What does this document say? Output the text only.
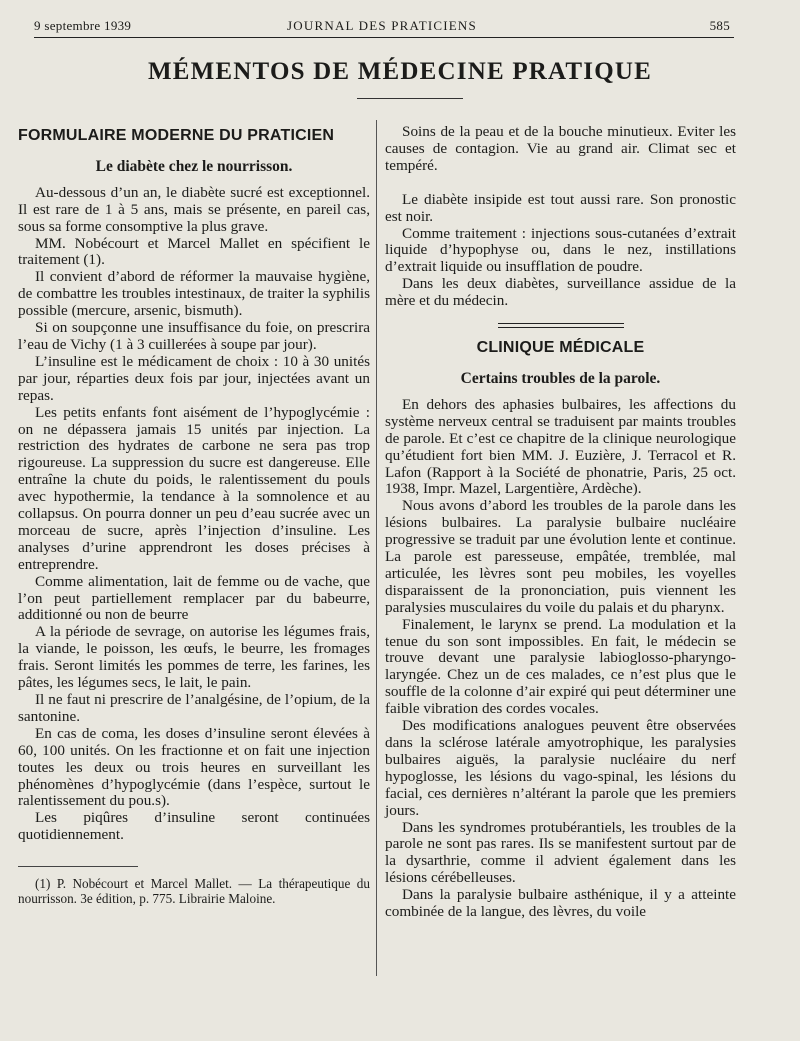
9 septembre 1939	JOURNAL DES PRATICIENS	585
MÉMENTOS DE MÉDECINE PRATIQUE
FORMULAIRE MODERNE DU PRATICIEN
Le diabète chez le nourrisson.

Au-dessous d’un an, le diabète sucré est exceptionnel. Il est rare de 1 à 5 ans, mais se présente, en pareil cas, sous sa forme consomptive la plus grave.

MM. Nobécourt et Marcel Mallet en spécifient le traitement (1).

Il convient d’abord de réformer la mauvaise hygiène, de combattre les troubles intestinaux, de traiter la syphilis possible (mercure, arsenic, bismuth).

Si on soupçonne une insuffisance du foie, on prescrira l’eau de Vichy (1 à 3 cuillerées à soupe par jour).

L’insuline est le médicament de choix : 10 à 30 unités par jour, réparties deux fois par jour, injectées avant un repas.

Les petits enfants font aisément de l’hypoglycémie : on ne dépassera jamais 15 unités par injection. La restriction des hydrates de carbone ne sera pas trop rigoureuse. La suppression du sucre est dangereuse. Elle entraîne la chute du poids, le ralentissement du pouls avec hypothermie, la tendance à la somnolence et au collapsus. On pourra donner un peu d’eau sucrée avec un morceau de sucre, après l’injection d’insuline. Les analyses d’urine apprendront les doses précises à entreprendre.

Comme alimentation, lait de femme ou de vache, que l’on peut partiellement remplacer par du babeurre, additionné ou non de beurre

A la période de sevrage, on autorise les légumes frais, la viande, le poisson, les œufs, le beurre, les fromages frais. Seront limités les pommes de terre, les farines, les pâtes, les légumes secs, le lait, le pain.

Il ne faut ni prescrire de l’analgésine, de l’opium, de la santonine.

En cas de coma, les doses d’insuline seront élevées à 60, 100 unités. On les fractionne et on fait une injection toutes les deux ou trois heures en surveillant les phénomènes d’hypoglycémie (dans l’espèce, surtout le ralentissement du pou.s).

Les piqûres d’insuline seront continuées quotidiennement.

(1) P. Nobécourt et Marcel Mallet. — La thérapeutique du nourrisson. 3e édition, p. 775. Librairie Maloine.

Soins de la peau et de la bouche minutieux. Eviter les causes de contagion. Vie au grand air. Climat sec et tempéré.

Le diabète insipide est tout aussi rare. Son pronostic est noir.

Comme traitement : injections sous-cutanées d’extrait liquide d’hypophyse ou, dans le nez, instillations d’extrait liquide ou insufflation de poudre.

Dans les deux diabètes, surveillance assidue de la mère et du médecin.

CLINIQUE MÉDICALE
Certains troubles de la parole.

En dehors des aphasies bulbaires, les affections du système nerveux central se traduisent par maints troubles de parole. Et c’est ce chapitre de la clinique neurologique qu’étudient fort bien MM. J. Euzière, J. Terracol et R. Lafon (Rapport à la Société de phonatrie, Paris, 25 oct. 1938, Impr. Mazel, Largentière, Ardèche).

Nous avons d’abord les troubles de la parole dans les lésions bulbaires. La paralysie bulbaire nucléaire progressive se traduit par une évolution lente et continue. La parole est paresseuse, empâtée, tremblée, mal articulée, les lèvres sont peu mobiles, les voyelles disparaissent de la prononciation, puis viennent les paralysies musculaires du voile du palais et du pharynx.

Finalement, le larynx se prend. La modulation et la tenue du son sont impossibles. En fait, le médecin se trouve devant une paralysie labioglosso-pharyngo-laryngée. Chez un de ces malades, ce n’est plus que le souffle de la colonne d’air expiré qui peut déterminer une faible vibration des cordes vocales.

Des modifications analogues peuvent être observées dans la sclérose latérale amyotrophique, les paralysies bulbaires aiguës, la paralysie nucléaire du nerf hypoglosse, les lésions du vago-spinal, les lésions du facial, ces dernières n’altérant la parole que les premiers jours.

Dans les syndromes protubérantiels, les troubles de la parole ne sont pas rares. Ils se manifestent surtout par de la dysarthrie, comme il advient également dans les lésions cérébelleuses.

Dans la paralysie bulbaire asthénique, il y a atteinte combinée de la langue, des lèvres, du voile
